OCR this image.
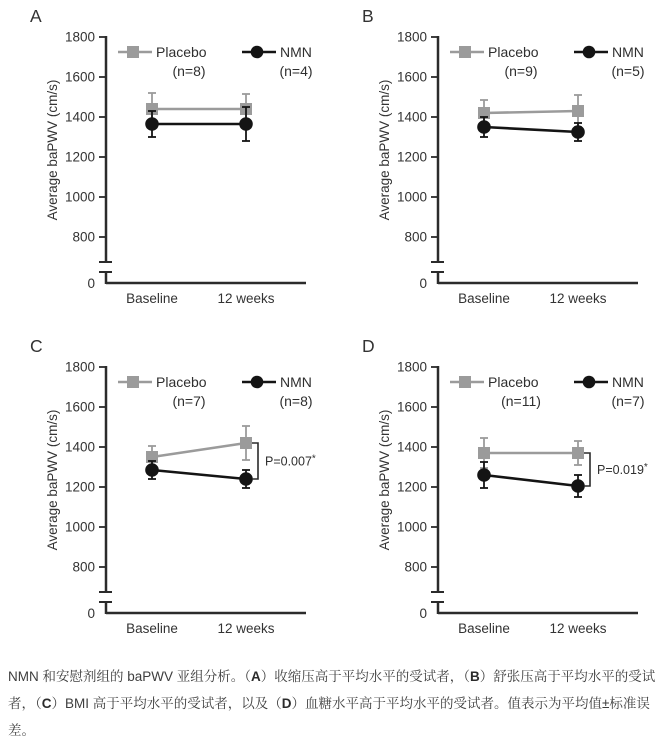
A
1800
1600
1400
1200
1000
800
0
Baseline	12 weeks
Average baPWV (cm/s)
Placebo
(n=8)
NMN
(n=4)
B
1800
1600
1400
1200
1000
800
0
Baseline	12 weeks
Average baPWV (cm/s)
Placebo
(n=9)
NMN
(n=5)
C
1800
1600
1400
1200
1000
800
0
Baseline	12 weeks
Average baPWV (cm/s)
Placebo
(n=7)
NMN
(n=8)
P=0.007*
D
1800
1600
1400
1200
1000
800
0
Baseline	12 weeks
Average baPWV (cm/s)
Placebo
(n=11)
NMN
(n=7)
P=0.019*

NMN 和安慰剂组的 baPWV 亚组分析。（A）收缩压高于平均水平的受试者，（B）舒张压高于平均水平的受试者，（C）BMI 高于平均水平的受试者，以及（D）血糖水平高于平均水平的受试者。值表示为平均值±标准误差。
